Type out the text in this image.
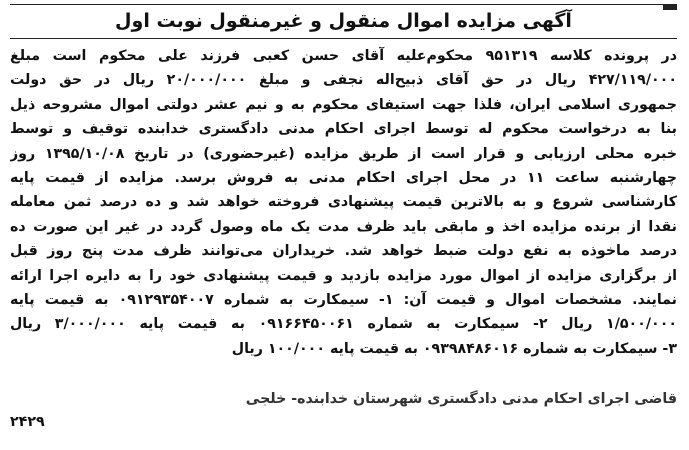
آگهی مزایده اموال منقول و غیرمنقول نوبت اول
در پرونده کلاسه ۹۵۱۳۱۹ محکوم‌علیه آقای حسن کعبی فرزند علی محکوم است مبلغ
۴۲۷/۱۱۹/۰۰۰ ریال در حق آقای ذبیح‌اله نجفی و مبلغ ۲۰/۰۰۰/۰۰۰ ریال در حق دولت
جمهوری اسلامی ایران، فلذا جهت استیفای محکوم به و نیم عشر دولتی اموال مشروحه ذیل
بنا به درخواست محکوم له توسط اجرای احکام مدنی دادگستری خدابنده توقیف و توسط
خبره محلی ارزیابی و قرار است از طریق مزایده (غیرحضوری) در تاریخ ۱۳۹۵/۱۰/۰۸ روز
چهارشنبه ساعت ۱۱ در محل اجرای احکام مدنی به فروش برسد. مزایده از قیمت پایه
کارشناسی شروع و به بالاترین قیمت پیشنهادی فروخته خواهد شد و ده درصد ثمن معامله
نقدا از برنده مزایده اخذ و مابقی باید ظرف مدت یک ماه وصول گردد در غیر این صورت ده
درصد ماخوذه به نفع دولت ضبط خواهد شد. خریداران می‌توانند ظرف مدت پنج روز قبل
از برگزاری مزایده از اموال مورد مزایده بازدید و قیمت پیشنهادی خود را به دایره اجرا ارائه
نمایند. مشخصات اموال و قیمت آن: ۱- سیمکارت به شماره ۰۹۱۲۹۳۵۴۰۰۷ به قیمت پایه
۱/۵۰۰/۰۰۰ ریال ۲- سیمکارت به شماره ۰۹۱۶۶۴۵۰۰۶۱ به قیمت پایه ۳/۰۰۰/۰۰۰ ریال
۳- سیمکارت به شماره ۰۹۳۹۸۴۸۶۰۱۶ به قیمت پایه ۱۰۰/۰۰۰ ریال
قاضی اجرای احکام مدنی دادگستری شهرستان خدابنده- خلجی
۲۴۲۹
